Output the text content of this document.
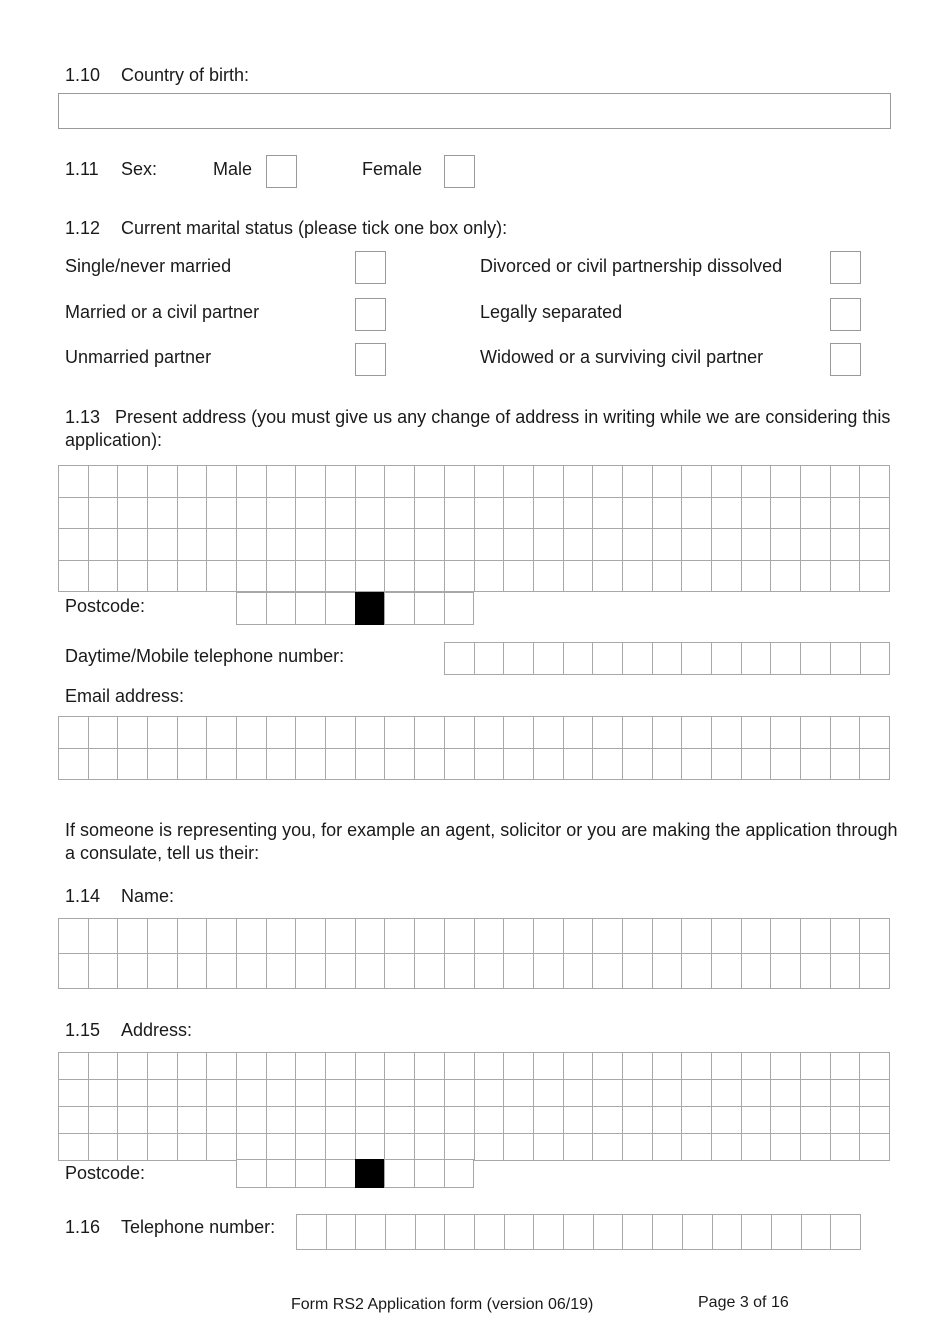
1.10 Country of birth:
1.11 Sex:	Male	Female
1.12 Current marital status (please tick one box only):
Single/never married	Divorced or civil partnership dissolved
Married or a civil partner	Legally separated
Unmarried partner	Widowed or a surviving civil partner
1.13   Present address (you must give us any change of address in writing while we are considering this application):
Postcode:
Daytime/Mobile telephone number:
Email address:
If someone is representing you, for example an agent, solicitor or you are making the application through a consulate, tell us their:
1.14 Name:
1.15 Address:
Postcode:
1.16 Telephone number:
Form RS2 Application form (version 06/19)	Page 3 of 16
